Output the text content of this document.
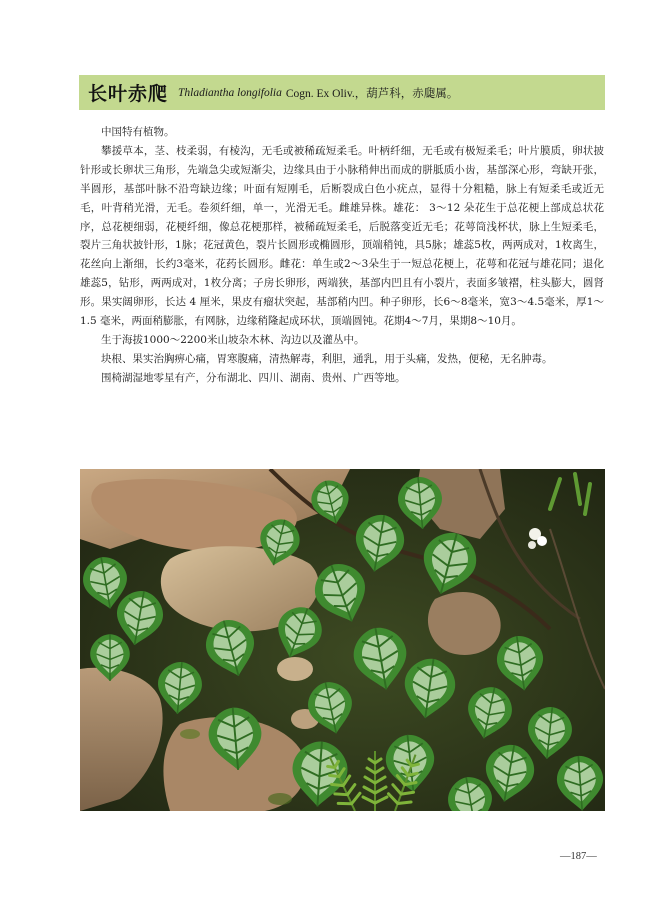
长叶赤爬 Thladiantha longifolia Cogn. Ex Oliv.，葫芦科，赤瓟属。

中国特有植物。

攀援草本，茎、枝柔弱，有棱沟，无毛或被稀疏短柔毛。叶柄纤细，无毛或有极短柔毛；叶片膜质，卵状披针形或长卵状三角形，先端急尖或短渐尖，边缘具由于小脉稍伸出而成的胼胝质小齿，基部深心形，弯缺开张，半圆形，基部叶脉不沿弯缺边缘；叶面有短刚毛，后断裂成白色小疣点，显得十分粗糙，脉上有短柔毛或近无毛，叶背稍光滑，无毛。卷须纤细，单一，光滑无毛。雌雄异株。雄花： 3～12 朵花生于总花梗上部成总状花序，总花梗细弱，花梗纤细，像总花梗那样，被稀疏短柔毛，后脱落变近无毛；花萼筒浅杯状，脉上生短柔毛，裂片三角状披针形，1脉；花冠黄色，裂片长圆形或椭圆形，顶端稍钝，具5脉；雄蕊5枚，两两成对，1枚离生，花丝向上渐细，长约3毫米，花药长圆形。雌花：单生或2～3朵生于一短总花梗上，花萼和花冠与雄花同；退化雄蕊5，钻形，两两成对，1枚分离；子房长卵形，两端狭，基部内凹且有小裂片，表面多皱褶，柱头膨大，圆肾形。果实阔卵形，长达 4 厘米，果皮有瘤状突起，基部稍内凹。种子卵形，长6～8毫米，宽3～4.5毫米，厚1～1.5 毫米，两面稍膨胀，有网脉，边缘稍隆起成环状，顶端圆钝。花期4～7月，果期8～10月。

生于海拔1000～2200米山坡杂木林、沟边以及灌丛中。

块根、果实治胸痹心痛，胃寒腹痛，清热解毒，利胆，通乳，用于头痛，发热，便秘，无名肿毒。

围椅湖湿地零星有产，分布湖北、四川、湖南、贵州、广西等地。

—187—
